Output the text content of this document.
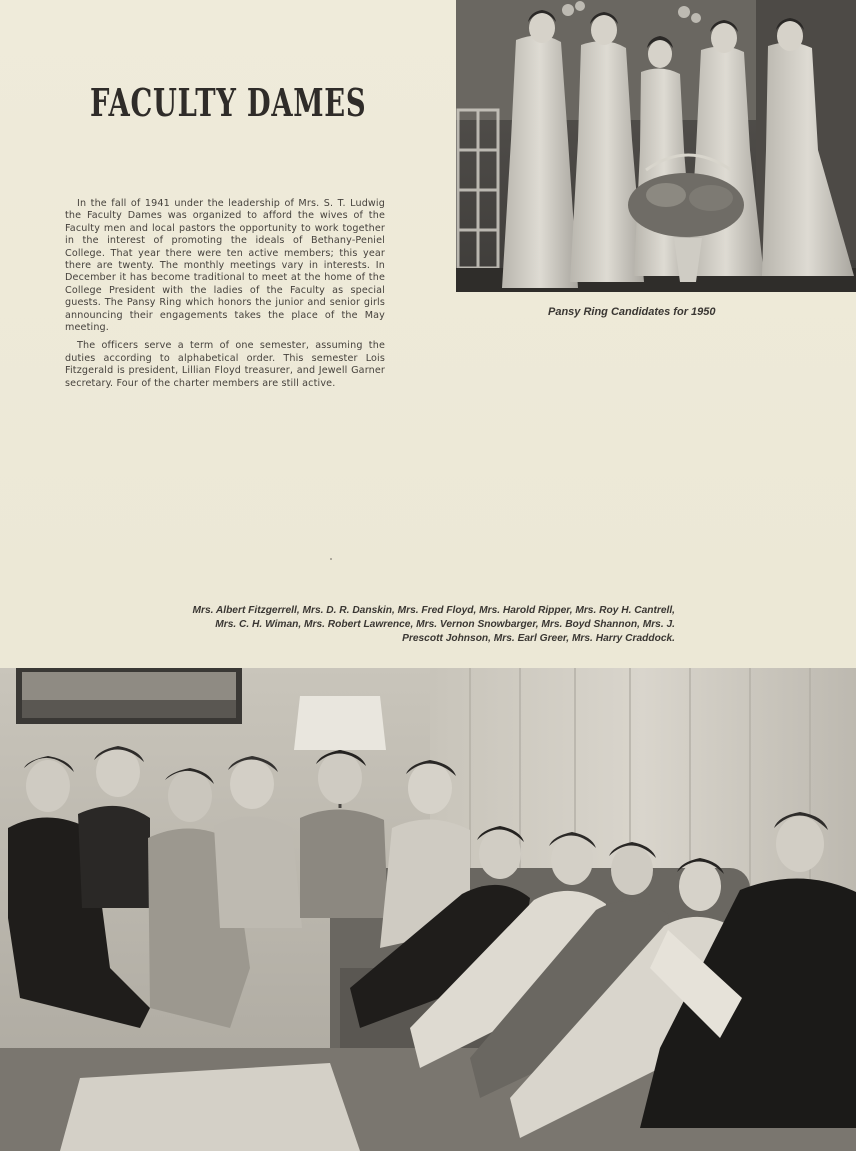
FACULTY DAMES

In the fall of 1941 under the leadership of Mrs. S. T. Ludwig the Faculty Dames was organized to afford the wives of the Faculty men and local pastors the opportunity to work together in the interest of promoting the ideals of Bethany-Peniel College. That year there were ten active members; this year there are twenty. The monthly meetings vary in interests. In December it has become traditional to meet at the home of the College President with the ladies of the Faculty as special guests. The Pansy Ring which honors the junior and senior girls announcing their engagements takes the place of the May meeting.

The officers serve a term of one semester, assuming the duties according to alphabetical order. This semester Lois Fitzgerald is president, Lillian Floyd treasurer, and Jewell Garner secretary. Four of the charter members are still active.

Pansy Ring Candidates for 1950
Mrs. Albert Fitzgerrell, Mrs. D. R. Danskin, Mrs. Fred Floyd, Mrs. Harold Ripper, Mrs. Roy H. Cantrell, Mrs. C. H. Wiman, Mrs. Robert Lawrence, Mrs. Vernon Snowbarger, Mrs. Boyd Shannon, Mrs. J. Prescott Johnson, Mrs. Earl Greer, Mrs. Harry Craddock.
